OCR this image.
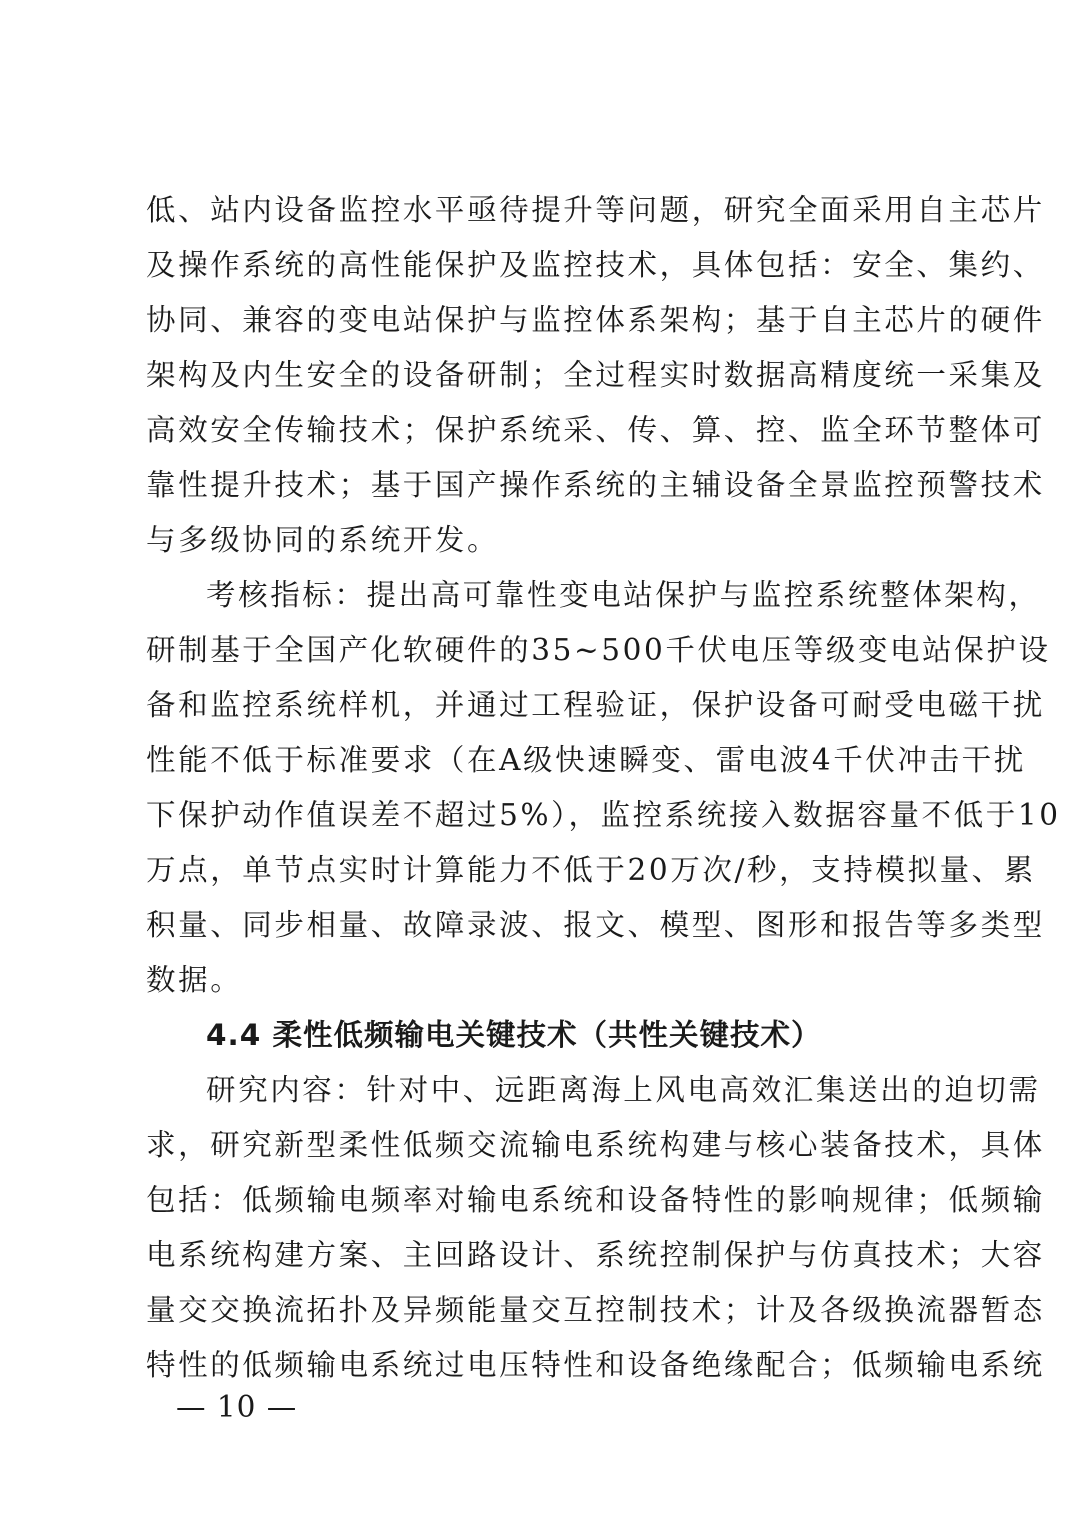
低、站内设备监控水平亟待提升等问题，研究全面采用自主芯片
及操作系统的高性能保护及监控技术，具体包括：安全、集约、
协同、兼容的变电站保护与监控体系架构；基于自主芯片的硬件
架构及内生安全的设备研制；全过程实时数据高精度统一采集及
高效安全传输技术；保护系统采、传、算、控、监全环节整体可
靠性提升技术；基于国产操作系统的主辅设备全景监控预警技术
与多级协同的系统开发。
考核指标：提出高可靠性变电站保护与监控系统整体架构，
研制基于全国产化软硬件的35~500千伏电压等级变电站保护设
备和监控系统样机，并通过工程验证，保护设备可耐受电磁干扰
性能不低于标准要求（在A级快速瞬变、雷电波4千伏冲击干扰
下保护动作值误差不超过5%），监控系统接入数据容量不低于10
万点，单节点实时计算能力不低于20万次/秒，支持模拟量、累
积量、同步相量、故障录波、报文、模型、图形和报告等多类型
数据。
4.4 柔性低频输电关键技术（共性关键技术）
研究内容：针对中、远距离海上风电高效汇集送出的迫切需
求，研究新型柔性低频交流输电系统构建与核心装备技术，具体
包括：低频输电频率对输电系统和设备特性的影响规律；低频输
电系统构建方案、主回路设计、系统控制保护与仿真技术；大容
量交交换流拓扑及异频能量交互控制技术；计及各级换流器暂态
特性的低频输电系统过电压特性和设备绝缘配合；低频输电系统
— 10 —
